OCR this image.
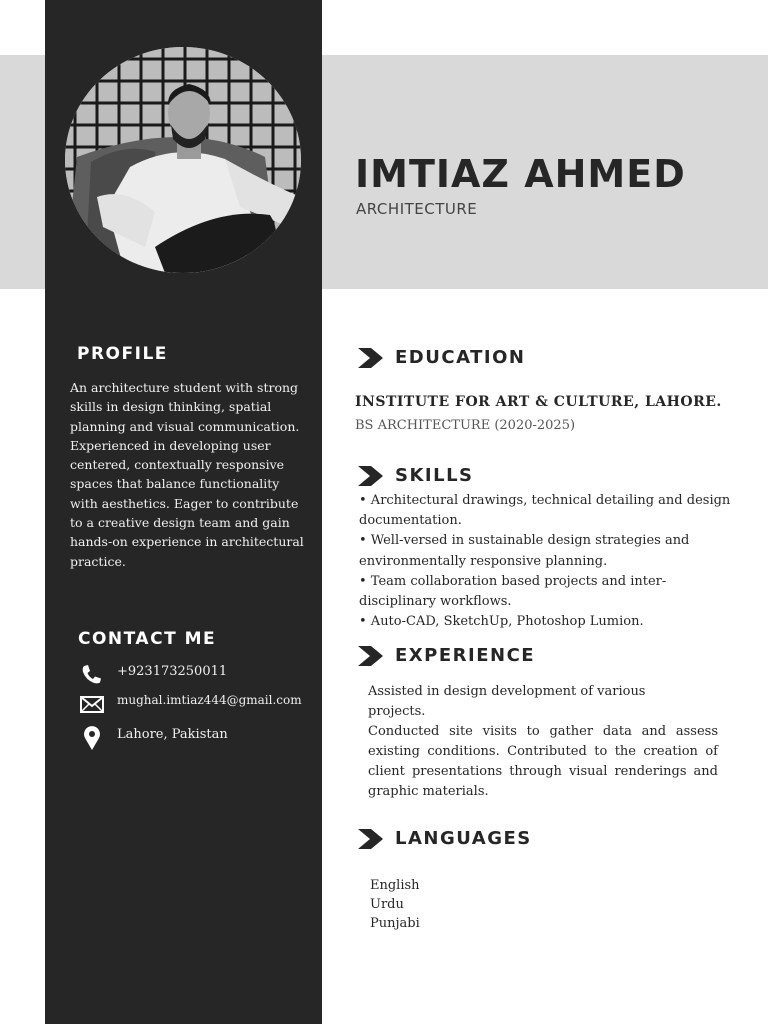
IMTIAZ AHMED
ARCHITECTURE
PROFILE

An architecture student with strong skills in design thinking, spatial planning and visual communication. Experienced in developing user centered, contextually responsive spaces that balance functionality with aesthetics. Eager to contribute to a creative design team and gain hands-on experience in architectural practice.

CONTACT ME
+923173250011
mughal.imtiaz444@gmail.com
Lahore, Pakistan
EDUCATION
INSTITUTE FOR ART & CULTURE, LAHORE.
BS ARCHITECTURE (2020-2025)
SKILLS
• Architectural drawings, technical detailing and design documentation.
• Well-versed in sustainable design strategies and environmentally responsive planning.
• Team collaboration based projects and inter-disciplinary workflows.
• Auto-CAD, SketchUp, Photoshop Lumion.
EXPERIENCE

Assisted in design development of various projects.

Conducted site visits to gather data and assess existing conditions. Contributed to the creation of client presentations through visual renderings and graphic materials.

LANGUAGES
English
Urdu
Punjabi
